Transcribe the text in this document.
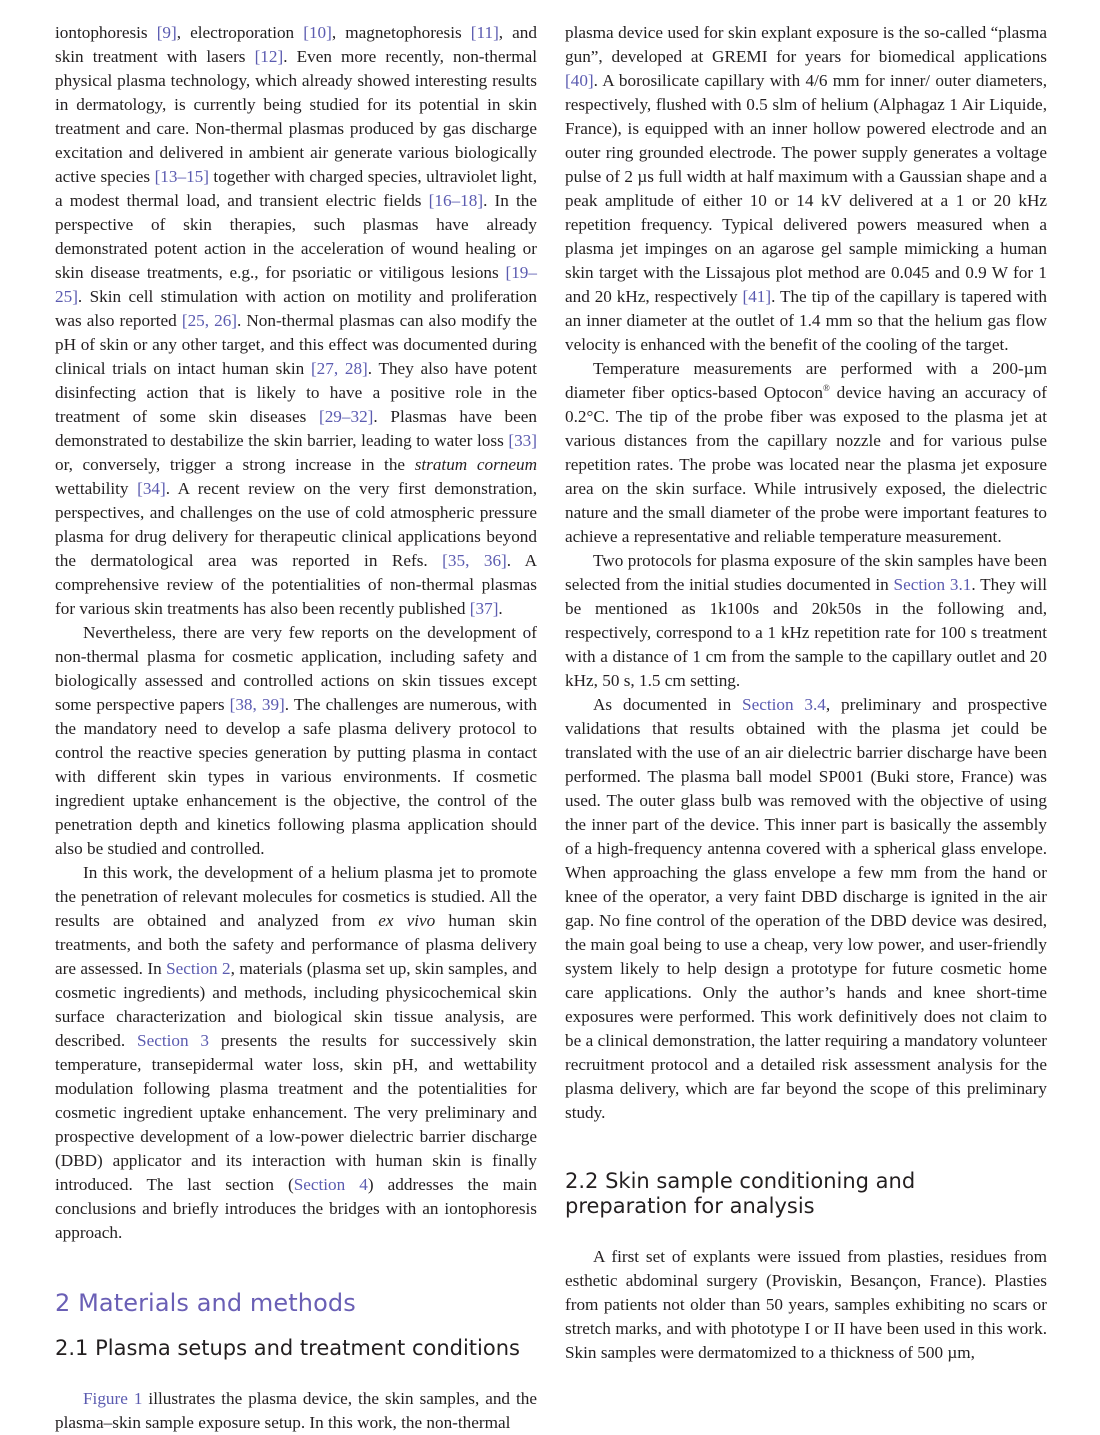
iontophoresis [9], electroporation [10], magnetophoresis [11], and skin treatment with lasers [12]. Even more recently, non-thermal physical plasma technology, which already showed interesting results in dermatology, is currently being studied for its potential in skin treatment and care. Non-thermal plasmas produced by gas discharge excitation and delivered in ambient air generate various biologically active species [13–15] together with charged species, ultraviolet light, a modest thermal load, and transient electric fields [16–18]. In the perspective of skin therapies, such plasmas have already demonstrated potent action in the acceleration of wound healing or skin disease treatments, e.g., for psoriatic or vitiligous lesions [19–25]. Skin cell stimulation with action on motility and proliferation was also reported [25, 26]. Non-thermal plasmas can also modify the pH of skin or any other target, and this effect was documented during clinical trials on intact human skin [27, 28]. They also have potent disinfecting action that is likely to have a positive role in the treatment of some skin diseases [29–32]. Plasmas have been demonstrated to destabilize the skin barrier, leading to water loss [33] or, conversely, trigger a strong increase in the stratum corneum wettability [34]. A recent review on the very first demonstration, perspectives, and challenges on the use of cold atmospheric pressure plasma for drug delivery for therapeutic clinical applications beyond the dermatological area was reported in Refs. [35, 36]. A comprehensive review of the potentialities of non-thermal plasmas for various skin treatments has also been recently published [37].

Nevertheless, there are very few reports on the development of non-thermal plasma for cosmetic application, including safety and biologically assessed and controlled actions on skin tissues except some perspective papers [38, 39]. The challenges are numerous, with the mandatory need to develop a safe plasma delivery protocol to control the reactive species generation by putting plasma in contact with different skin types in various environments. If cosmetic ingredient uptake enhancement is the objective, the control of the penetration depth and kinetics following plasma application should also be studied and controlled.

In this work, the development of a helium plasma jet to promote the penetration of relevant molecules for cosmetics is studied. All the results are obtained and analyzed from ex vivo human skin treatments, and both the safety and performance of plasma delivery are assessed. In Section 2, materials (plasma set up, skin samples, and cosmetic ingredients) and methods, including physicochemical skin surface characterization and biological skin tissue analysis, are described. Section 3 presents the results for successively skin temperature, transepidermal water loss, skin pH, and wettability modulation following plasma treatment and the potentialities for cosmetic ingredient uptake enhancement. The very preliminary and prospective development of a low-power dielectric barrier discharge (DBD) applicator and its interaction with human skin is finally introduced. The last section (Section 4) addresses the main conclusions and briefly introduces the bridges with an iontophoresis approach.

2 Materials and methods
2.1 Plasma setups and treatment conditions

Figure 1 illustrates the plasma device, the skin samples, and the plasma–skin sample exposure setup. In this work, the non-thermal

plasma device used for skin explant exposure is the so-called “plasma gun”, developed at GREMI for years for biomedical applications [40]. A borosilicate capillary with 4/6 mm for inner/ outer diameters, respectively, flushed with 0.5 slm of helium (Alphagaz 1 Air Liquide, France), is equipped with an inner hollow powered electrode and an outer ring grounded electrode. The power supply generates a voltage pulse of 2 µs full width at half maximum with a Gaussian shape and a peak amplitude of either 10 or 14 kV delivered at a 1 or 20 kHz repetition frequency. Typical delivered powers measured when a plasma jet impinges on an agarose gel sample mimicking a human skin target with the Lissajous plot method are 0.045 and 0.9 W for 1 and 20 kHz, respectively [41]. The tip of the capillary is tapered with an inner diameter at the outlet of 1.4 mm so that the helium gas flow velocity is enhanced with the benefit of the cooling of the target.

Temperature measurements are performed with a 200-µm diameter fiber optics-based Optocon® device having an accuracy of 0.2°C. The tip of the probe fiber was exposed to the plasma jet at various distances from the capillary nozzle and for various pulse repetition rates. The probe was located near the plasma jet exposure area on the skin surface. While intrusively exposed, the dielectric nature and the small diameter of the probe were important features to achieve a representative and reliable temperature measurement.

Two protocols for plasma exposure of the skin samples have been selected from the initial studies documented in Section 3.1. They will be mentioned as 1k100s and 20k50s in the following and, respectively, correspond to a 1 kHz repetition rate for 100 s treatment with a distance of 1 cm from the sample to the capillary outlet and 20 kHz, 50 s, 1.5 cm setting.

As documented in Section 3.4, preliminary and prospective validations that results obtained with the plasma jet could be translated with the use of an air dielectric barrier discharge have been performed. The plasma ball model SP001 (Buki store, France) was used. The outer glass bulb was removed with the objective of using the inner part of the device. This inner part is basically the assembly of a high-frequency antenna covered with a spherical glass envelope. When approaching the glass envelope a few mm from the hand or knee of the operator, a very faint DBD discharge is ignited in the air gap. No fine control of the operation of the DBD device was desired, the main goal being to use a cheap, very low power, and user-friendly system likely to help design a prototype for future cosmetic home care applications. Only the author’s hands and knee short-time exposures were performed. This work definitively does not claim to be a clinical demonstration, the latter requiring a mandatory volunteer recruitment protocol and a detailed risk assessment analysis for the plasma delivery, which are far beyond the scope of this preliminary study.

2.2 Skin sample conditioning and
preparation for analysis

A first set of explants were issued from plasties, residues from esthetic abdominal surgery (Proviskin, Besançon, France). Plasties from patients not older than 50 years, samples exhibiting no scars or stretch marks, and with phototype I or II have been used in this work. Skin samples were dermatomized to a thickness of 500 µm,
